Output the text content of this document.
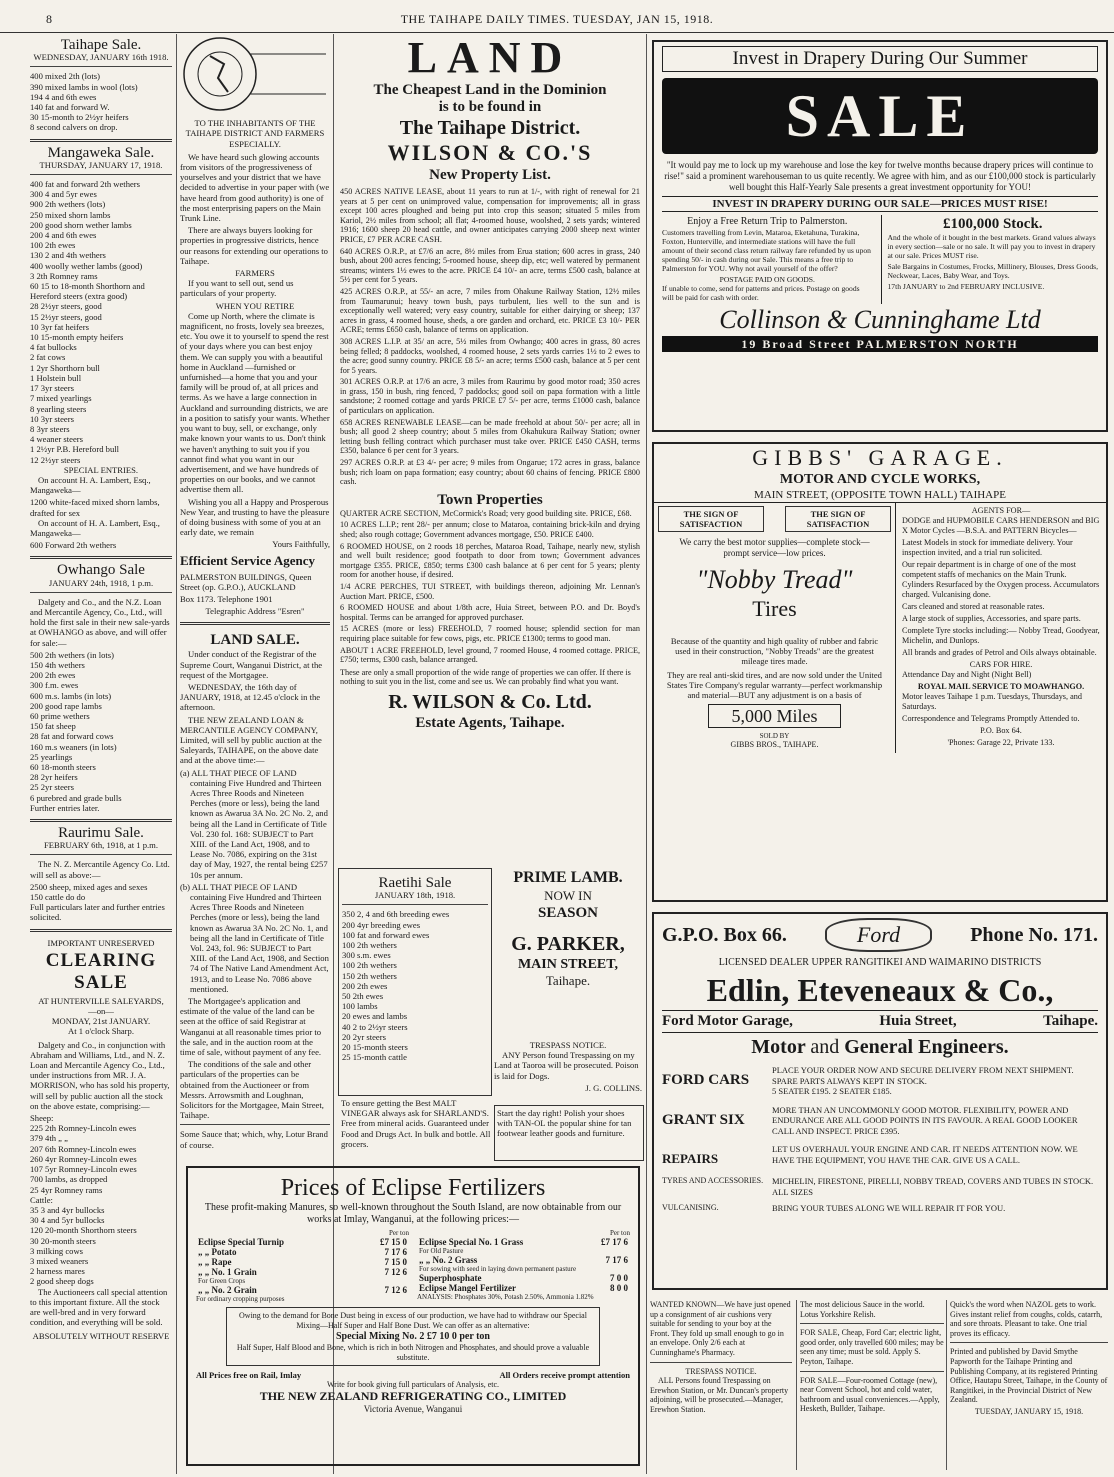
8	THE TAIHAPE DAILY TIMES. TUESDAY, JAN 15, 1918.
Taihape Sale.
WEDNESDAY, JANUARY 16th 1918.
400 mixed 2th (lots)
390 mixed lambs in wool (lots)
194 4 and 6th ewes
140 fat and forward W.
30 15-month to 2½yr heifers
8 second calvers on drop.
Mangaweka Sale.
THURSDAY, JANUARY 17, 1918.
400 fat and forward 2th wethers
300 4 and 5yr ewes
900 2th wethers (lots)
250 mixed shorn lambs
200 good shorn wether lambs
200 4 and 6th ewes
100 2th ewes
130 2 and 4th wethers
400 woolly wether lambs (good)
3 2th Romney rams
60 15 to 18-month Shorthorn and
Hereford steers (extra good)
28 2½yr steers, good
15 2½yr steers, good
10 3yr fat heifers
10 15-month empty heifers
4 fat bullocks
2 fat cows
1 2yr Shorthorn bull
1 Holstein bull
17 3yr steers
7 mixed yearlings
8 yearling steers
10 3yr steers
8 3yr steers
4 weaner steers
1 2½yr P.B. Hereford bull
12 2½yr steers
SPECIAL ENTRIES.

On account H. A. Lambert, Esq., Mangaweka—

1200 white-faced mixed shorn lambs,
drafted for sex

On account of H. A. Lambert, Esq., Mangaweka—

600 Forward 2th wethers
Owhango Sale
JANUARY 24th, 1918, 1 p.m.

Dalgety and Co., and the N.Z. Loan and Mercantile Agency, Co., Ltd., will hold the first sale in their new sale-yards at OWHANGO as above, and will offer for sale:—

500 2th wethers (in lots)
150 4th wethers
200 2th ewes
300 f.m. ewes
600 m.s. lambs (in lots)
200 good rape lambs
60 prime wethers
150 fat sheep
28 fat and forward cows
160 m.s weaners (in lots)
25 yearlings
60 18-month steers
28 2yr heifers
25 2yr steers
6 purebred and grade bulls

Further entries later.

Raurimu Sale.
FEBRUARY 6th, 1918, at 1 p.m.

The N. Z. Mercantile Agency Co. Ltd. will sell as above:—

2500 sheep, mixed ages and sexes
150 cattle do do

Full particulars later and further entries solicited.

IMPORTANT UNRESERVED
CLEARING SALE
AT HUNTERVILLE SALEYARDS,
—on—
MONDAY, 21st JANUARY.
At 1 o'clock Sharp.

Dalgety and Co., in conjunction with Abraham and Williams, Ltd., and N. Z. Loan and Mercantile Agency Co., Ltd., under instructions from MR. J. A. MORRISON, who has sold his property, will sell by public auction all the stock on the above estate, comprising:—

Sheep:
225 2th Romney-Lincoln ewes
379 4th „ „
207 6th Romney-Lincoln ewes
260 4yr Romney-Lincoln ewes
107 5yr Romney-Lincoln ewes
700 lambs, as dropped
25 4yr Romney rams
Cattle:
35 3 and 4yr bullocks
30 4 and 5yr bullocks
120 20-month Shorthorn steers
30 20-month steers
3 milking cows
3 mixed weaners
2 harness mares
2 good sheep dogs

The Auctioneers call special attention to this important fixture. All the stock are well-bred and in very forward condition, and everything will be sold.

ABSOLUTELY WITHOUT RESERVE
TO THE INHABITANTS OF THE TAIHAPE DISTRICT AND FARMERS ESPECIALLY.

We have heard such glowing accounts from visitors of the progressiveness of yourselves and your district that we have decided to advertise in your paper with (we have heard from good authority) is one of the most enterprising papers on the Main Trunk Line.

There are always buyers looking for properties in progressive districts, hence our reasons for extending our operations to Taihape.

FARMERS

If you want to sell out, send us particulars of your property.

WHEN YOU RETIRE

Come up North, where the climate is magnificent, no frosts, lovely sea breezes, etc. You owe it to yourself to spend the rest of your days where you can best enjoy them. We can supply you with a beautiful home in Auckland —furnished or unfurnished—a home that you and your family will be proud of, at all prices and terms. As we have a large connection in Auckland and surrounding districts, we are in a position to satisfy your wants. Whether you want to buy, sell, or exchange, only make known your wants to us. Don't think we haven't anything to suit you if you cannot find what you want in our advertisement, and we have hundreds of properties on our books, and we cannot advertise them all.

Wishing you all a Happy and Prosperous New Year, and trusting to have the pleasure of doing business with some of you at an early date, we remain

Yours Faithfully,
Efficient Service Agency

PALMERSTON BUILDINGS, Queen Street (op. G.P.O.), AUCKLAND

Box 1173. Telephone 1901

Telegraphic Address "Esren"

LAND SALE.

Under conduct of the Registrar of the Supreme Court, Wanganui District, at the request of the Mortgagee.

WEDNESDAY, the 16th day of JANUARY, 1918, at 12.45 o'clock in the afternoon.

THE NEW ZEALAND LOAN & MERCANTILE AGENCY COMPANY, Limited, will sell by public auction at the Saleyards, TAIHAPE, on the above date and at the above time:—

(a) ALL THAT PIECE OF LAND containing Five Hundred and Thirteen Acres Three Roods and Nineteen Perches (more or less), being the land known as Awarua 3A No. 2C No. 2, and being all the Land in Certificate of Title Vol. 230 fol. 168: SUBJECT to Part XIII. of the Land Act, 1908, and to Lease No. 7086, expiring on the 31st day of May, 1927, the rental being £257 10s per annum.

(b) ALL THAT PIECE OF LAND containing Five Hundred and Thirteen Acres Three Roods and Nineteen Perches (more or less), being the land known as Awarua 3A No. 2C No. 1, and being all the land in Certificate of Title Vol. 243, fol. 96: SUBJECT to Part XIII. of the Land Act, 1908, and Section 74 of The Native Land Amendment Act, 1913, and to Lease No. 7086 above mentioned.

The Mortgagee's application and estimate of the value of the land can be seen at the office of said Registrar at Wanganui at all reasonable times prior to the sale, and in the auction room at the time of sale, without payment of any fee.

The conditions of the sale and other particulars of the properties can be obtained from the Auctioneer or from Messrs. Arrowsmith and Loughnan, Solicitors for the Mortgagee, Main Street, Taihape.

Some Sauce that; which, why, Lotur Brand of course.

LAND
The Cheapest Land in the Dominion
is to be found in
The Taihape District.
WILSON & CO.'S
New Property List.

450 ACRES NATIVE LEASE, about 11 years to run at 1/-, with right of renewal for 21 years at 5 per cent on unimproved value, compensation for improvements; all in grass except 100 acres ploughed and being put into crop this season; situated 5 miles from Kariol, 2½ miles from school; all flat; 4-roomed house, woolshed, 2 sets yards; wintered 1916; 1600 sheep 20 head cattle, and owner anticipates carrying 2000 sheep next winter PRICE, £7 PER ACRE CASH.

640 ACRES O.R.P., at £7/6 an acre, 8½ miles from Erua station; 600 acres in grass, 240 bush, about 200 acres fencing; 5-roomed house, sheep dip, etc; well watered by permanent streams; winters 1½ ewes to the acre. PRICE £4 10/- an acre, terms £500 cash, balance at 5½ per cent for 5 years.

425 ACRES O.R.P., at 55/- an acre, 7 miles from Ohakune Railway Station, 12½ miles from Taumarunui; heavy town bush, pays turbulent, lies well to the sun and is exceptionally well watered; very easy country, suitable for either dairying or sheep; 137 acres in grass, 4 roomed house, sheds, a ore garden and orchard, etc. PRICE £3 10/- PER ACRE; terms £650 cash, balance of terms on application.

308 ACRES L.I.P. at 35/ an acre, 5½ miles from Owhango; 400 acres in grass, 80 acres being felled; 8 paddocks, woolshed, 4 roomed house, 2 sets yards carries 1½ to 2 ewes to the acre; good sunny country. PRICE £8 5/- an acre; terms £500 cash, balance at 5 per cent for 5 years.

301 ACRES O.R.P. at 17/6 an acre, 3 miles from Raurimu by good motor road; 350 acres in grass, 150 in bush, ring fenced, 7 paddocks; good soil on papa formation with a little sandstone; 2 roomed cottage and yards PRICE £7 5/- per acre, terms £1000 cash, balance of particulars on application.

658 ACRES RENEWABLE LEASE—can be made freehold at about 50/- per acre; all in bush; all good 2 sheep country; about 5 miles from Okahukura Railway Station; owner letting bush felling contract which purchaser must take over. PRICE £450 CASH, terms £350, balance 6 per cent for 3 years.

297 ACRES O.R.P. at £3 4/- per acre; 9 miles from Ongarue; 172 acres in grass, balance bush; rich loam on papa formation; easy country; about 60 chains of fencing. PRICE £800 cash.

Town Properties

QUARTER ACRE SECTION, McCormick's Road; very good building site. PRICE, £68.

10 ACRES L.I.P.; rent 28/- per annum; close to Mataroa, containing brick-kiln and drying shed; also rough cottage; Government advances mortgage, £50. PRICE £400.

6 ROOMED HOUSE, on 2 roods 18 perches, Mataroa Road, Taihape, nearly new, stylish and well built residence; good footpath to door from town; Government advances mortgage £355. PRICE, £850; terms £300 cash balance at 6 per cent for 5 years; plenty room for another house, if desired.

1/4 ACRE PERCHES, TUI STREET, with buildings thereon, adjoining Mr. Lennan's Auction Mart. PRICE, £500.

6 ROOMED HOUSE and about 1/8th acre, Huia Street, between P.O. and Dr. Boyd's hospital. Terms can be arranged for approved purchaser.

15 ACRES (more or less) FREEHOLD, 7 roomed house; splendid section for man requiring place suitable for few cows, pigs, etc. PRICE £1300; terms to good man.

ABOUT 1 ACRE FREEHOLD, level ground, 7 roomed House, 4 roomed cottage. PRICE, £750; terms, £300 cash, balance arranged.

These are only a small proportion of the wide range of properties we can offer. If there is nothing to suit you in the list, come and see us. We can probably find what you want.

R. WILSON & Co. Ltd.
Estate Agents, Taihape.
Raetihi Sale
JANUARY 18th, 1918.
350 2, 4 and 6th breeding ewes
200 4yr breeding ewes
100 fat and forward ewes
100 2th wethers
300 s.m. ewes
100 2th wethers
150 2th wethers
200 2th ewes
50 2th ewes
100 lambs
20 ewes and lambs
40 2 to 2½yr steers
20 2yr steers
20 15-month steers
25 15-month cattle

To ensure getting the Best MALT VINEGAR always ask for SHARLAND'S. Free from mineral acids. Guaranteed under Food and Drugs Act. In bulk and bottle. All grocers.

PRIME LAMB.
NOW IN
SEASON
G. PARKER,
MAIN STREET,
Taihape.
TRESPASS NOTICE.

ANY Person found Trespassing on my Land at Taoroa will be prosecuted. Poison is laid for Dogs.

J. G. COLLINS.

Start the day right! Polish your shoes with TAN-OL the popular shine for tan footwear leather goods and furniture.

Prices of Eclipse Fertilizers
These profit-making Manures, so well-known throughout the South Island, are now obtainable from our works at Imlay, Wanganui, at the following prices:—
Per ton
Eclipse Special Turnip	£7 15 0
„ „ Potato	7 17 6
„ „ Rape	7 15 0
„ „ No. 1 Grain	7 12 6
For Green Crops	
„ „ No. 2 Grain	7 12 6
For ordinary cropping purposes
Per ton
Eclipse Special No. 1 Grass	£7 17 6
For Old Pasture	
„ „ No. 2 Grass	7 17 6
For sowing with seed in laying down permanent pasture	
Superphosphate	7 0 0
Eclipse Mangel Fertilizer	8 0 0
ANALYSIS: Phosphates 30%, Potash 2.50%, Ammonia 1.82%
Owing to the demand for Bone Dust being in excess of our production, we have had to withdraw our Special Mixing—Half Super and Half Bone Dust. We can offer as an alternative:
Special Mixing No. 2 £7 10 0 per ton
Half Super, Half Blood and Bone, which is rich in both Nitrogen and Phosphates, and should prove a valuable substitute.
All Prices free on Rail, Imlay	All Orders receive prompt attention
Write for book giving full particulars of Analysis, etc.
THE NEW ZEALAND REFRIGERATING CO., LIMITED
Victoria Avenue, Wanganui
Invest in Drapery During Our Summer
SALE
"It would pay me to lock up my warehouse and lose the key for twelve months because drapery prices will continue to rise!" said a prominent warehouseman to us quite recently. We agree with him, and as our £100,000 stock is particularly well bought this Half-Yearly Sale presents a great investment opportunity for YOU!
INVEST IN DRAPERY DURING OUR SALE—PRICES MUST RISE!
Enjoy a Free Return Trip to Palmerston.

Customers travelling from Levin, Mataroa, Eketahuna, Turakina, Foxton, Hunterville, and intermediate stations will have the full amount of their second class return railway fare refunded by us upon spending 50/- in cash during our Sale. This means a free trip to Palmerston for YOU. Why not avail yourself of the offer?

POSTAGE PAID ON GOODS.

If unable to come, send for patterns and prices. Postage on goods will be paid for cash with order.

£100,000 Stock.

And the whole of it bought in the best markets. Grand values always in every section—sale or no sale. It will pay you to invest in drapery at our sale. Prices MUST rise.

Sale Bargains in Costumes, Frocks, Millinery, Blouses, Dress Goods, Neckwear, Laces, Baby Wear, and Toys.

17th JANUARY to 2nd FEBRUARY INCLUSIVE.

Collinson & Cunninghame Ltd
19 Broad Street PALMERSTON NORTH
GIBBS' GARAGE.
MOTOR AND CYCLE WORKS,
MAIN STREET, (OPPOSITE TOWN HALL) TAIHAPE
THE SIGN OF SATISFACTION
THE SIGN OF SATISFACTION
We carry the best motor supplies—complete stock—prompt service—low prices.
"Nobby Tread"
Tires
Because of the quantity and high quality of rubber and fabric used in their construction, "Nobby Treads" are the greatest mileage tires made.
They are real anti-skid tires, and are now sold under the United States Tire Company's regular warranty—perfect workmanship and material—BUT any adjustment is on a basis of
5,000 Miles
SOLD BY
GIBBS BROS., TAIHAPE.
AGENTS FOR—

DODGE and HUPMOBILE CARS HENDERSON and BIG X Motor Cycles —B.S.A. and PATTERN Bicycles—

Latest Models in stock for immediate delivery. Your inspection invited, and a trial run solicited.

Our repair department is in charge of one of the most competent staffs of mechanics on the Main Trunk. Cylinders Resurfaced by the Oxygen process. Accumulators charged. Vulcanising done.

Cars cleaned and stored at reasonable rates.

A large stock of supplies, Accessories, and spare parts.

Complete Tyre stocks including:— Nobby Tread, Goodyear, Michelin, and Dunlops.

All brands and grades of Petrol and Oils always obtainable.

CARS FOR HIRE.

Attendance Day and Night (Night Bell)

ROYAL MAIL SERVICE TO MOAWHANGO.

Motor leaves Taihape 1 p.m. Tuesdays, Thursdays, and Saturdays.

Correspondence and Telegrams Promptly Attended to.

P.O. Box 64.

'Phones: Garage 22, Private 133.

G.P.O. Box 66.	Ford	Phone No. 171.
LICENSED DEALER UPPER RANGITIKEI AND WAIMARINO DISTRICTS
Edlin, Eteveneaux & Co.,
Ford Motor Garage,	Huia Street,	Taihape.
Motor and General Engineers.
FORD CARS
PLACE YOUR ORDER NOW AND SECURE DELIVERY FROM NEXT SHIPMENT. SPARE PARTS ALWAYS KEPT IN STOCK.
5 SEATER £195. 2 SEATER £185.
GRANT SIX
MORE THAN AN UNCOMMONLY GOOD MOTOR. FLEXIBILITY, POWER AND ENDURANCE ARE ALL GOOD POINTS IN ITS FAVOUR. A REAL GOOD LOOKER CALL AND INSPECT. PRICE £395.
REPAIRS
LET US OVERHAUL YOUR ENGINE AND CAR. IT NEEDS ATTENTION NOW. WE HAVE THE EQUIPMENT, YOU HAVE THE CAR. GIVE US A CALL.
TYRES AND ACCESSORIES.	MICHELIN, FIRESTONE, PIRELLI, NOBBY TREAD, COVERS AND TUBES IN STOCK. ALL SIZES
VULCANISING.	BRING YOUR TUBES ALONG WE WILL REPAIR IT FOR YOU.

WANTED KNOWN—We have just opened up a consignment of air cushions very suitable for sending to your boy at the Front. They fold up small enough to go in an envelope. Only 2/6 each at Cunninghame's Pharmacy.

TRESPASS NOTICE.

ALL Persons found Trespassing on Erewhon Station, or Mr. Duncan's property adjoining, will be prosecuted.—Manager, Erewhon Station.

The most delicious Sauce in the world. Lotus Yorkshire Relish.

FOR SALE, Cheap, Ford Car; electric light, good order, only travelled 600 miles; may be seen any time; must be sold. Apply S. Peyton, Taihape.

FOR SALE—Four-roomed Cottage (new), near Convent School, hot and cold water, bathroom and usual conveniences.—Apply, Hesketh, Bullder, Taihape.

Quick's the word when NAZOL gets to work. Gives instant relief from coughs, colds, catarrh, and sore throats. Pleasant to take. One trial proves its efficacy.

Printed and published by David Smythe Papworth for the Taihape Printing and Publishing Company, at its registered Printing Office, Hautapu Street, Taihape, in the County of Rangitikei, in the Provincial District of New Zealand.

TUESDAY, JANUARY 15, 1918.
